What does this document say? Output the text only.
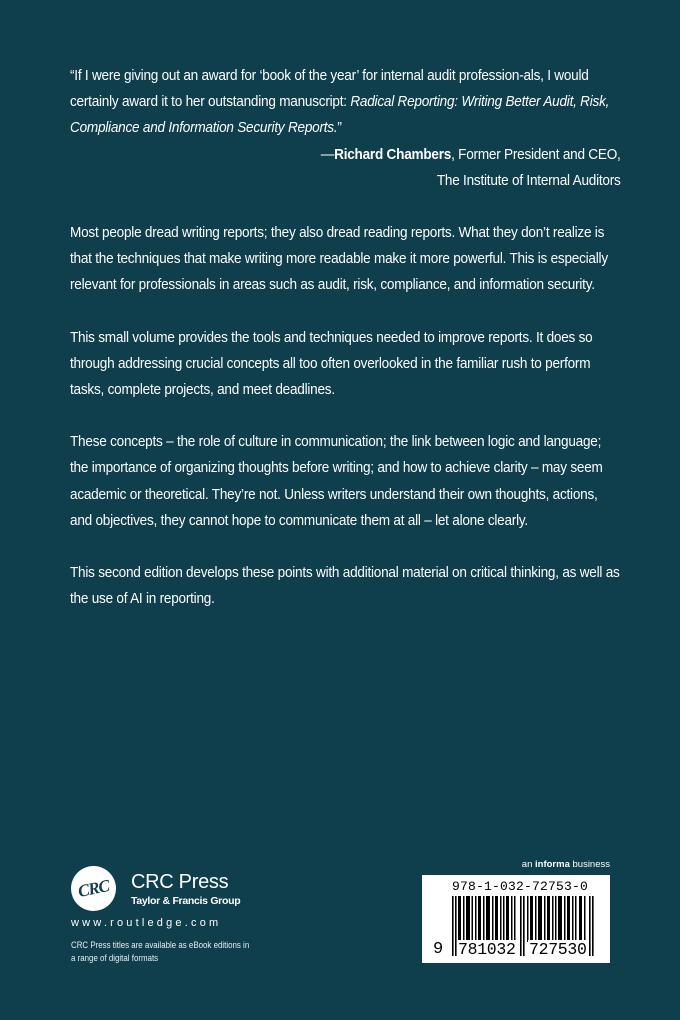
“If I were giving out an award for ‘book of the year’ for internal audit profession-als, I would certainly award it to her outstanding manuscript: Radical Reporting: Writing Better Audit, Risk, Compliance and Information Security Reports.”

—Richard Chambers, Former President and CEO,

The Institute of Internal Auditors

Most people dread writing reports; they also dread reading reports. What they don’t realize is that the techniques that make writing more readable make it more powerful. This is especially relevant for professionals in areas such as audit, risk, compliance, and information security.

This small volume provides the tools and techniques needed to improve reports. It does so through addressing crucial concepts all too often overlooked in the familiar rush to perform tasks, complete projects, and meet deadlines.

These concepts – the role of culture in communication; the link between logic and language; the importance of organizing thoughts before writing; and how to achieve clarity – may seem academic or theoretical. They’re not. Unless writers understand their own thoughts, actions, and objectives, they cannot hope to communicate them at all – let alone clearly.

This second edition develops these points with additional material on critical thinking, as well as the use of AI in reporting.

CRC CRC Press
Taylor & Francis Group
www.routledge.com
CRC Press titles are available as eBook editions in a range of digital formats
an informa business
978-1-032-72753-0
9 781032 727530
